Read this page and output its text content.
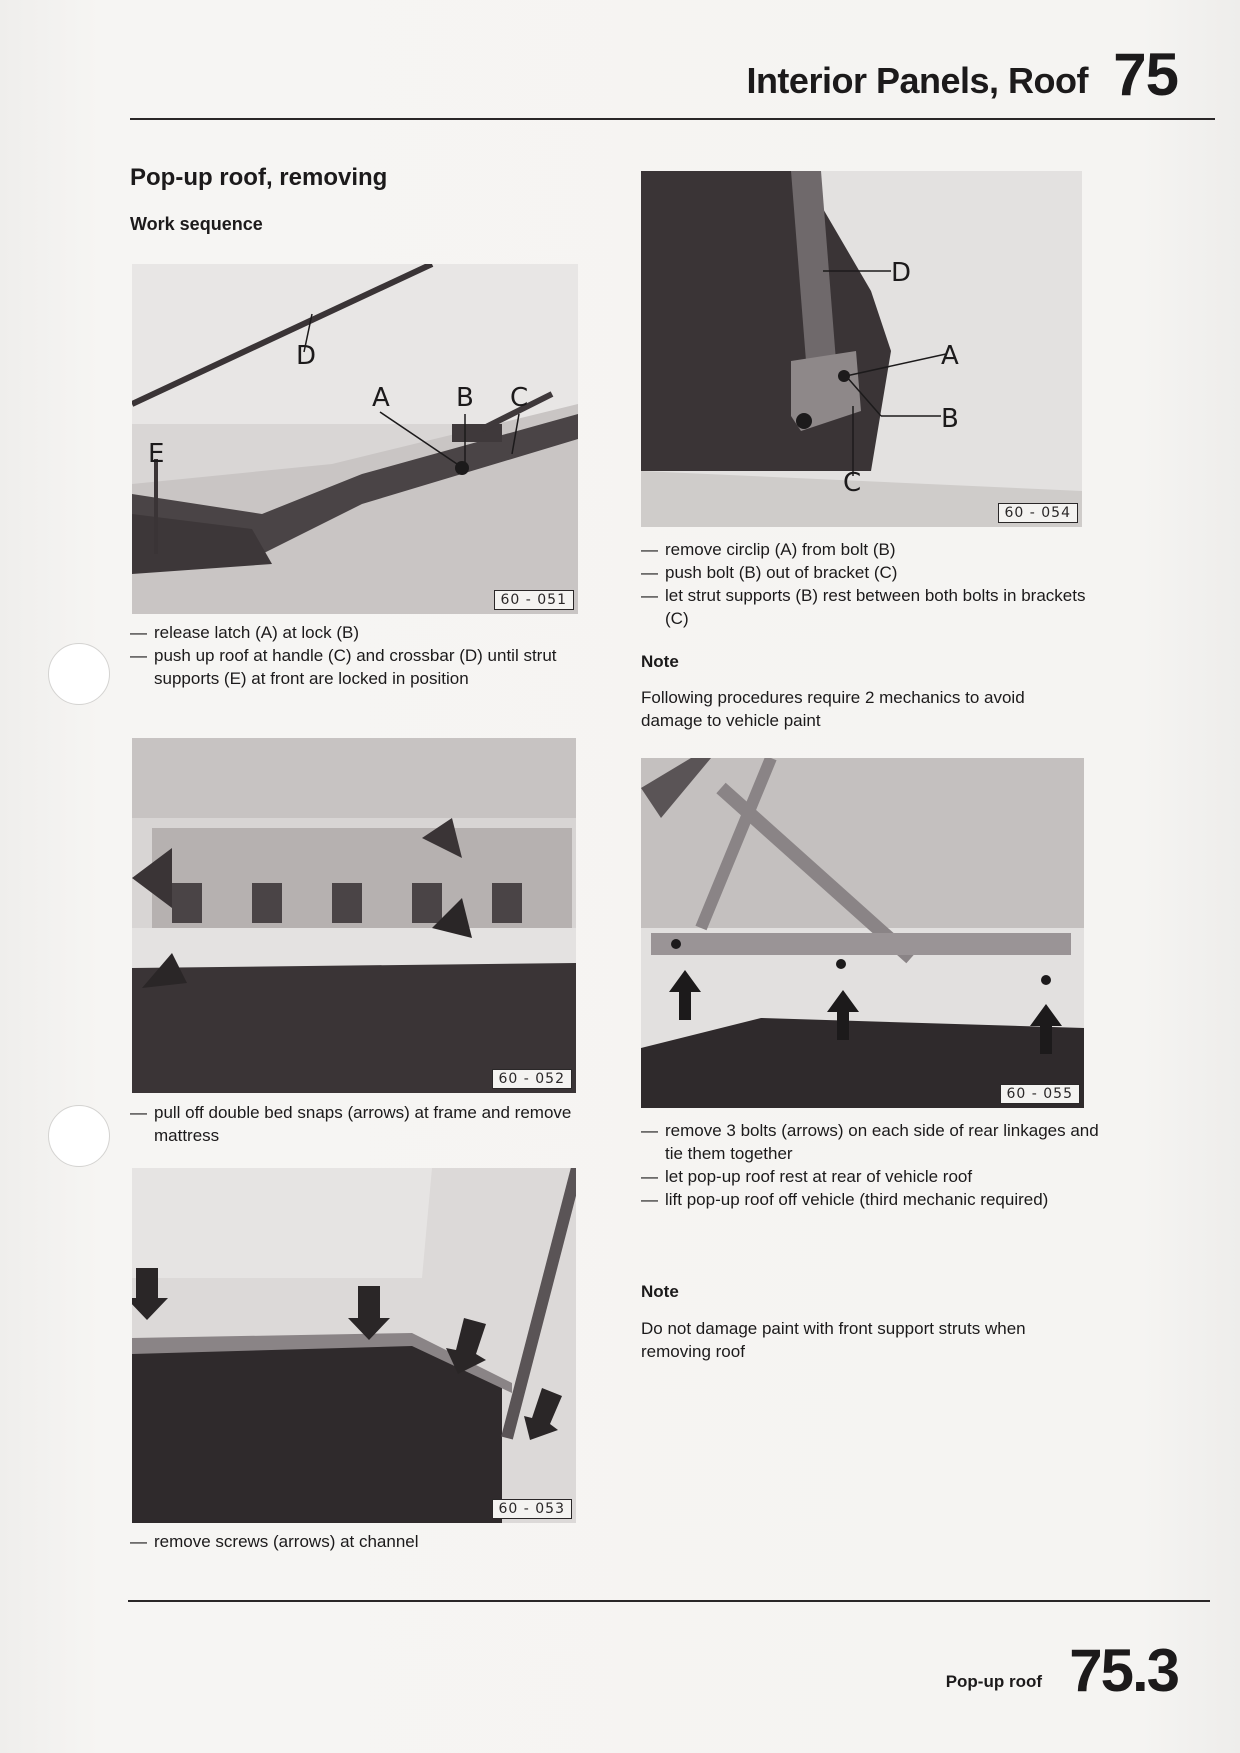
Interior Panels, Roof 75
Pop-up roof, removing
Work sequence
D
A	B C
E
60 - 051
— release latch (A) at lock (B)
— push up roof at handle (C) and crossbar (D) until strut supports (E) at front are locked in position
60 - 052
— pull off double bed snaps (arrows) at frame and remove mattress
60 - 053
— remove screws (arrows) at channel
D
A
B
C
60 - 054
— remove circlip (A) from bolt (B)
— push bolt (B) out of bracket (C)
— let strut supports (B) rest between both bolts in brackets (C)
Note
Following procedures require 2 mechanics to avoid damage to vehicle paint
60 - 055
— remove 3 bolts (arrows) on each side of rear linkages and tie them together
— let pop-up roof rest at rear of vehicle roof
— lift pop-up roof off vehicle (third mechanic required)
Note
Do not damage paint with front support struts when removing roof
Pop-up roof 75.3
